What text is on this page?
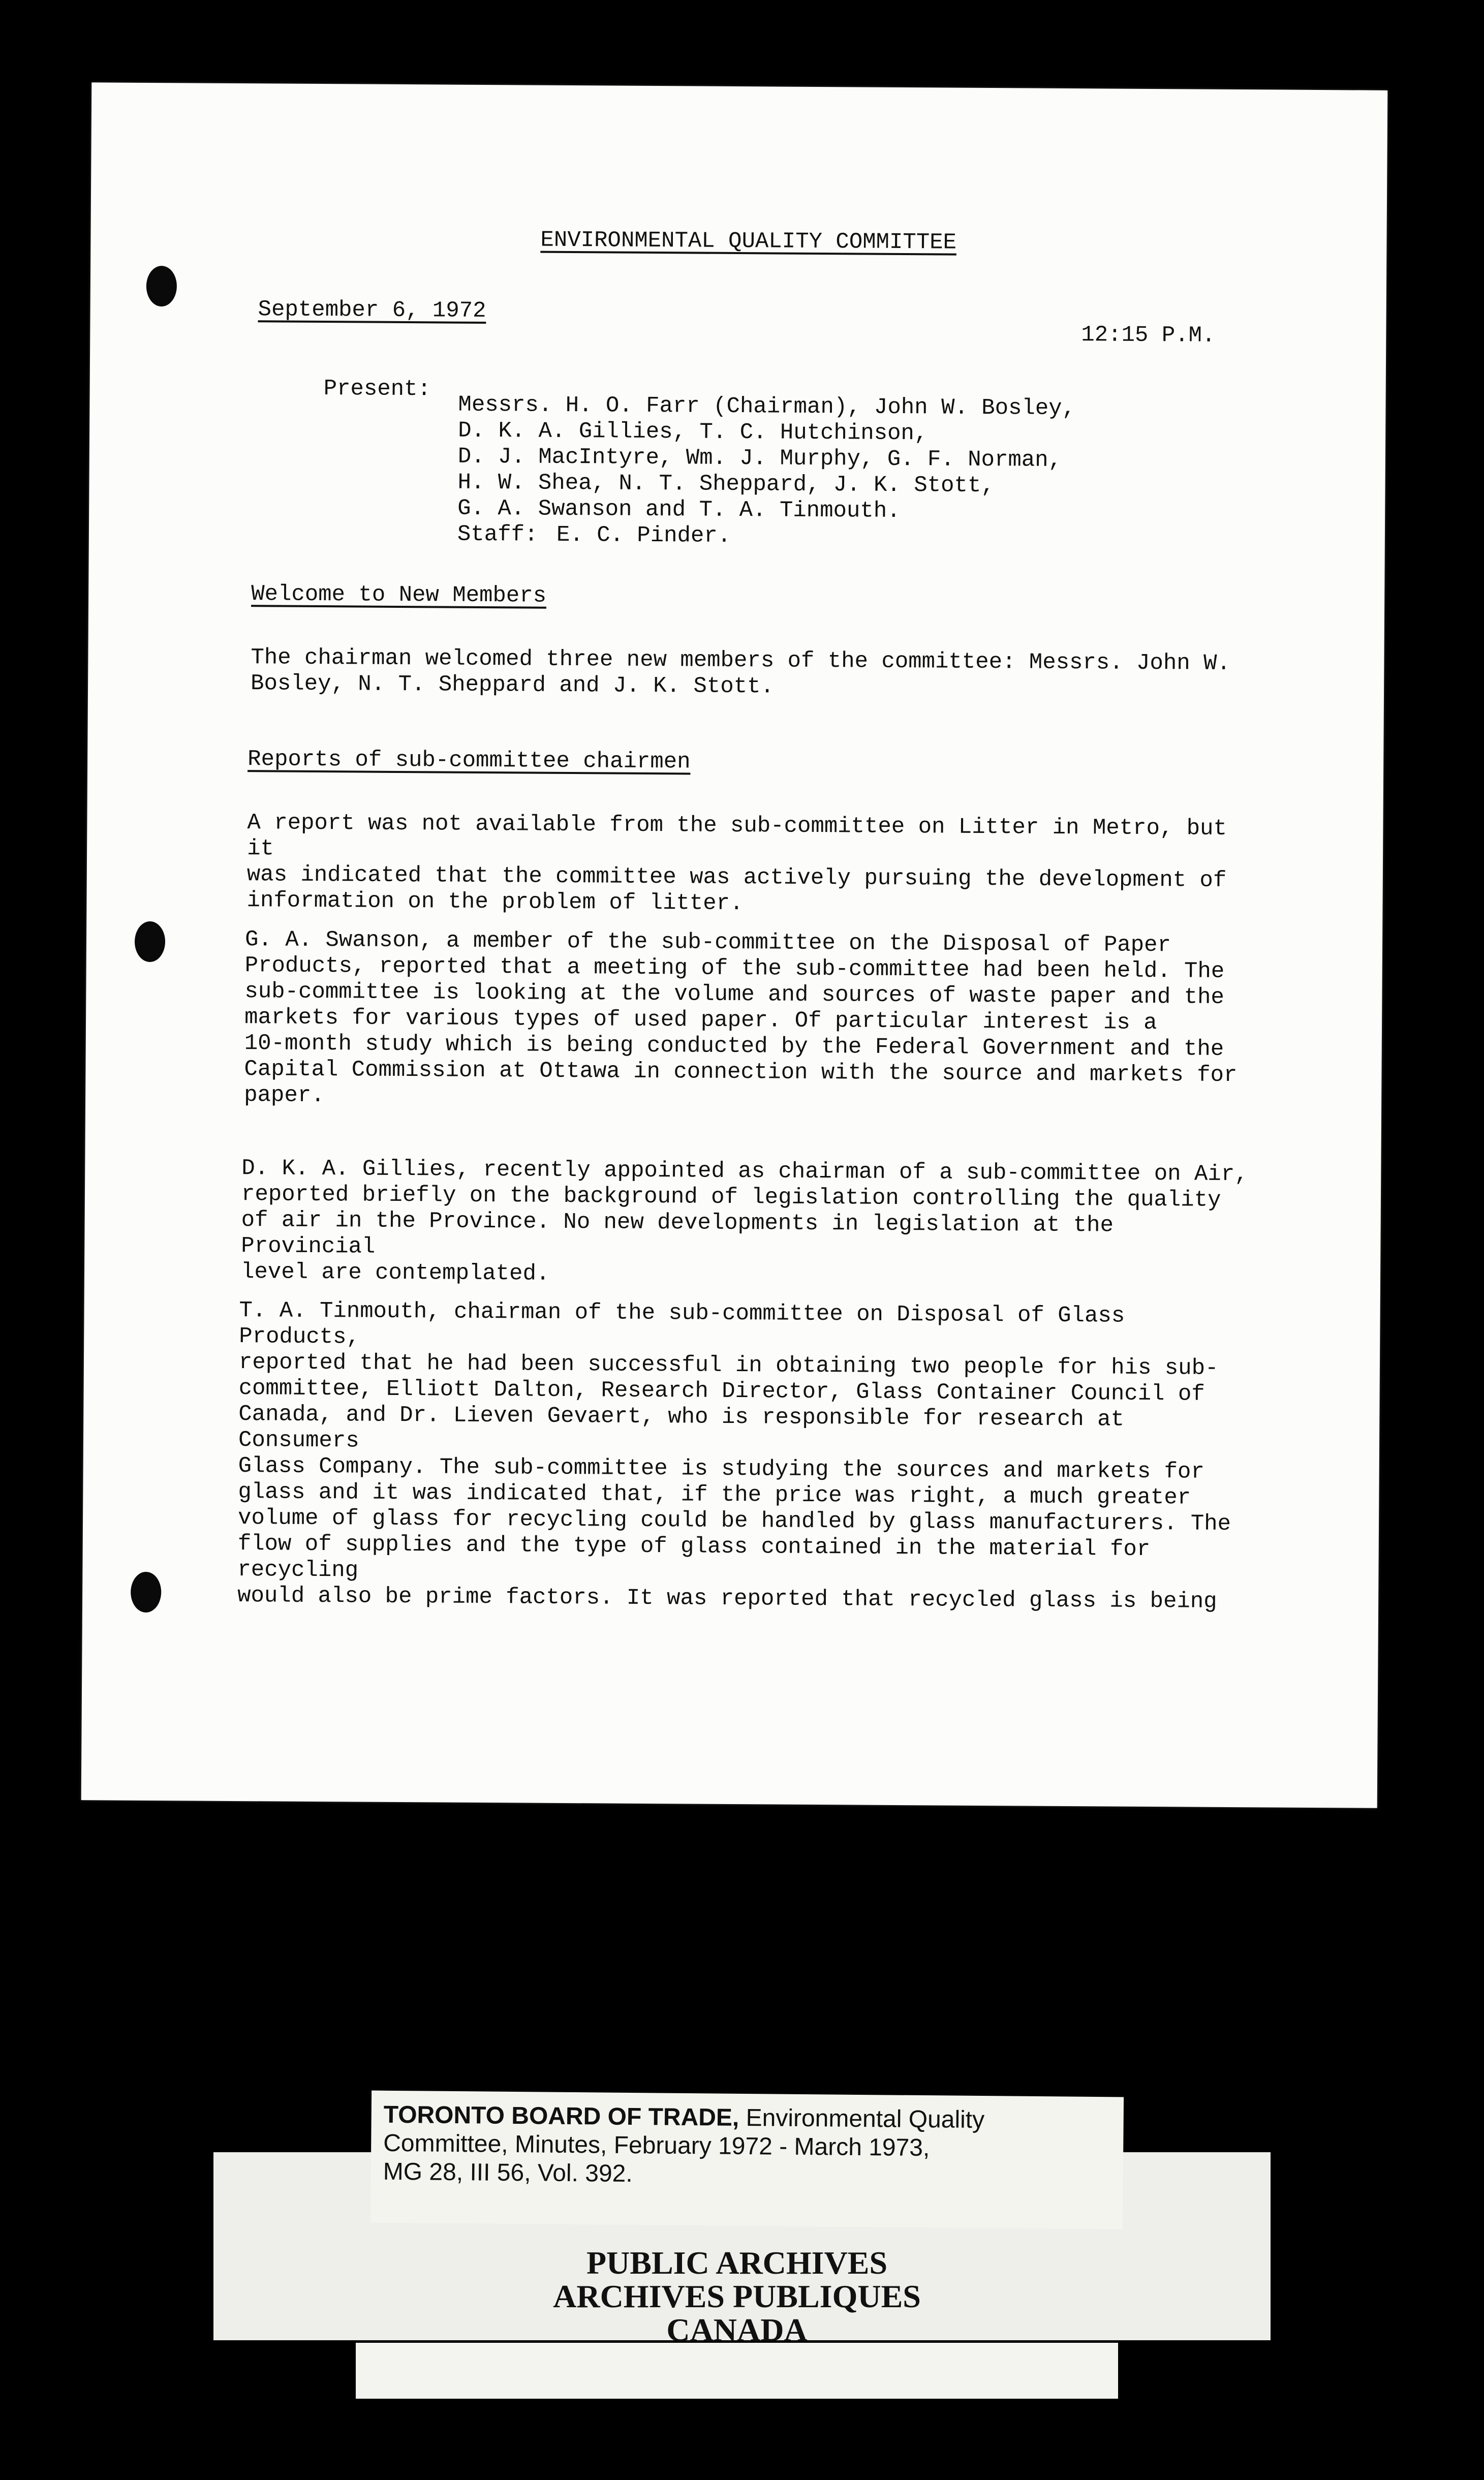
ENVIRONMENTAL QUALITY COMMITTEE
September 6, 1972
12:15 P.M.
Present:
Messrs. H. O. Farr (Chairman), John W. Bosley,
D. K. A. Gillies, T. C. Hutchinson,
D. J. MacIntyre, Wm. J. Murphy, G. F. Norman,
H. W. Shea, N. T. Sheppard, J. K. Stott,
G. A. Swanson and T. A. Tinmouth.
Staff: E. C. Pinder.
Welcome to New Members
The chairman welcomed three new members of the committee: Messrs. John W.
Bosley, N. T. Sheppard and J. K. Stott.
Reports of sub-committee chairmen
A report was not available from the sub-committee on Litter in Metro, but it
was indicated that the committee was actively pursuing the development of
information on the problem of litter.
G. A. Swanson, a member of the sub-committee on the Disposal of Paper
Products, reported that a meeting of the sub-committee had been held. The
sub-committee is looking at the volume and sources of waste paper and the
markets for various types of used paper. Of particular interest is a
10-month study which is being conducted by the Federal Government and the
Capital Commission at Ottawa in connection with the source and markets for
paper.
D. K. A. Gillies, recently appointed as chairman of a sub-committee on Air,
reported briefly on the background of legislation controlling the quality
of air in the Province. No new developments in legislation at the Provincial
level are contemplated.
T. A. Tinmouth, chairman of the sub-committee on Disposal of Glass Products,
reported that he had been successful in obtaining two people for his sub-
committee, Elliott Dalton, Research Director, Glass Container Council of
Canada, and Dr. Lieven Gevaert, who is responsible for research at Consumers
Glass Company. The sub-committee is studying the sources and markets for
glass and it was indicated that, if the price was right, a much greater
volume of glass for recycling could be handled by glass manufacturers. The
flow of supplies and the type of glass contained in the material for recycling
would also be prime factors. It was reported that recycled glass is being
TORONTO BOARD OF TRADE, Environmental Quality
Committee, Minutes, February 1972 - March 1973,
MG 28, III 56, Vol. 392.
PUBLIC ARCHIVES
ARCHIVES PUBLIQUES
CANADA
